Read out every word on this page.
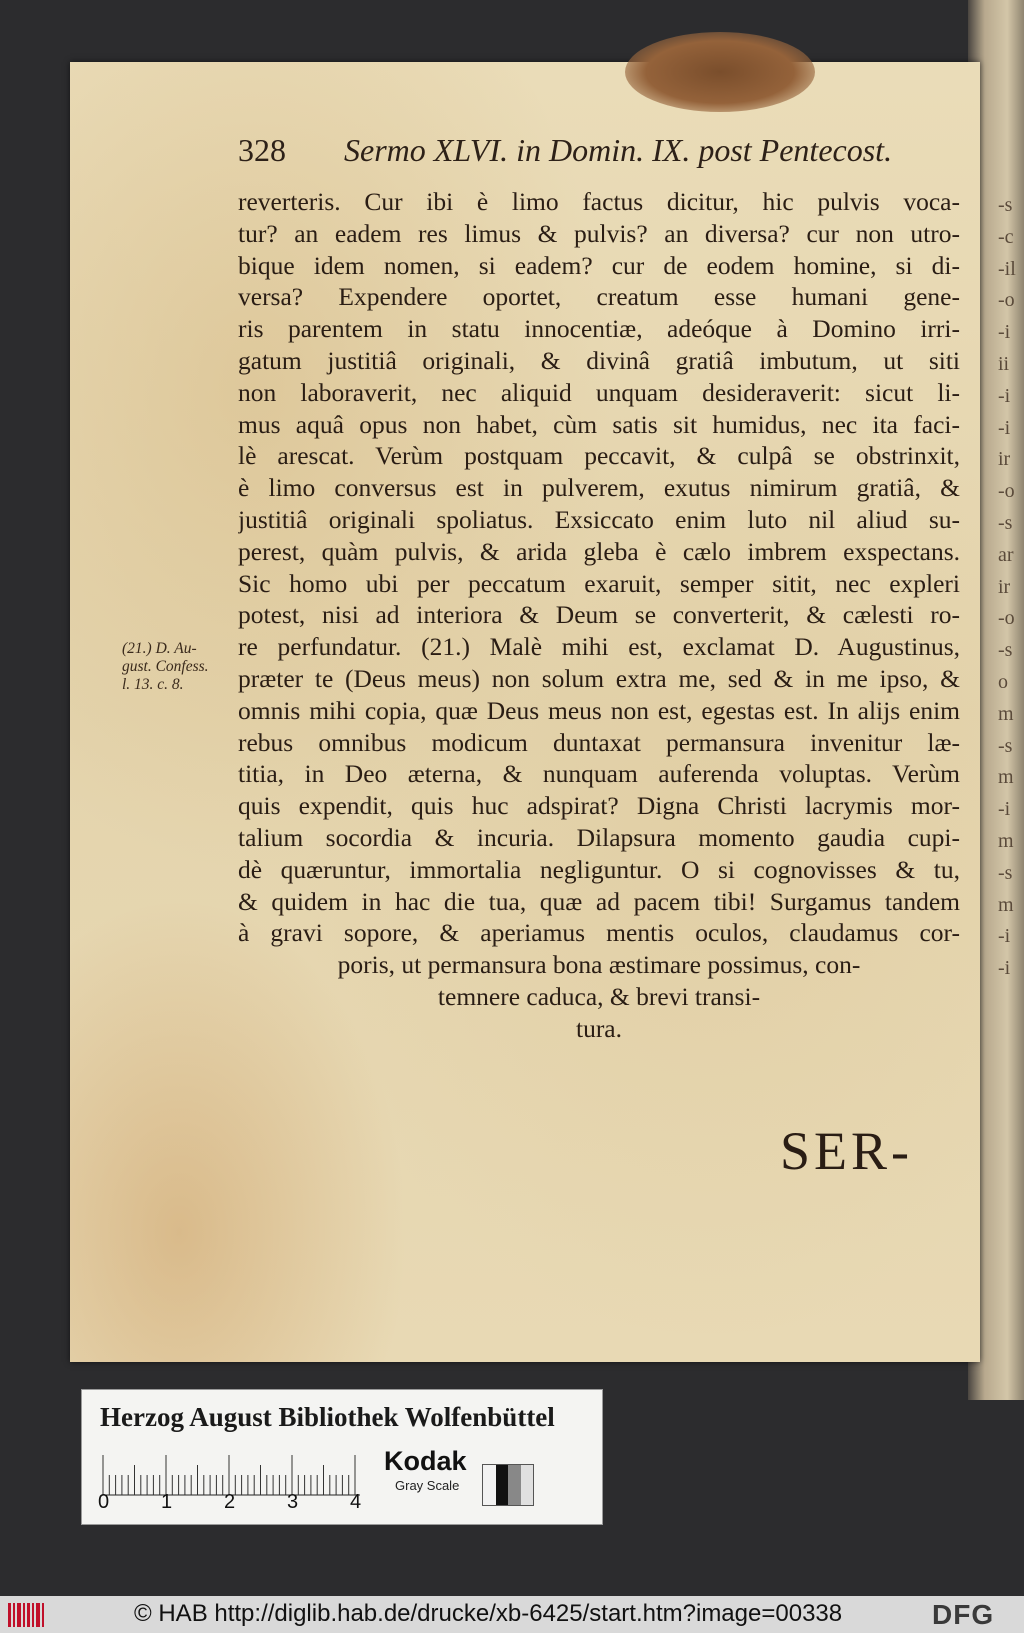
-s
-c
-il
-o
-i
ii
-i
-i
ir
-o
-s
ar
ir
-o
-s
o
m
-s
m
-i
m
-s
m
-i
-i
328 Sermo XLVI. in Domin. IX. post Pentecost.
reverteris. Cur ibi è limo factus dicitur, hic pulvis voca-
tur? an eadem res limus & pulvis? an diversa? cur non utro-
bique idem nomen, si eadem? cur de eodem homine, si di-
versa? Expendere oportet, creatum esse humani gene-
ris parentem in statu innocentiæ, adeóque à Domino irri-
gatum justitiâ originali, & divinâ gratiâ imbutum, ut siti
non laboraverit, nec aliquid unquam desideraverit: sicut li-
mus aquâ opus non habet, cùm satis sit humidus, nec ita faci-
lè arescat. Verùm postquam peccavit, & culpâ se obstrinxit,
è limo conversus est in pulverem, exutus nimirum gratiâ, &
justitiâ originali spoliatus. Exsiccato enim luto nil aliud su-
perest, quàm pulvis, & arida gleba è cælo imbrem exspectans.
Sic homo ubi per peccatum exaruit, semper sitit, nec expleri
potest, nisi ad interiora & Deum se converterit, & cælesti ro-
re perfundatur. (21.) Malè mihi est, exclamat D. Augustinus,
præter te (Deus meus) non solum extra me, sed & in me ipso, &
omnis mihi copia, quæ Deus meus non est, egestas est. In alijs enim
rebus omnibus modicum duntaxat permansura invenitur læ-
titia, in Deo æterna, & nunquam auferenda voluptas. Verùm
quis expendit, quis huc adspirat? Digna Christi lacrymis mor-
talium socordia & incuria. Dilapsura momento gaudia cupi-
dè quæruntur, immortalia negliguntur. O si cognovisses & tu,
& quidem in hac die tua, quæ ad pacem tibi! Surgamus tandem
à gravi sopore, & aperiamus mentis oculos, claudamus cor-
poris, ut permansura bona æstimare possimus, con-
temnere caduca, & brevi transi-
tura.
(21.) D. Au-
gust. Confess.
l. 13. c. 8.
SER-
Herzog August Bibliothek Wolfenbüttel
0	1	2	3	4
Kodak
Gray Scale
© HAB http://diglib.hab.de/drucke/xb-6425/start.htm?image=00338	DFG
